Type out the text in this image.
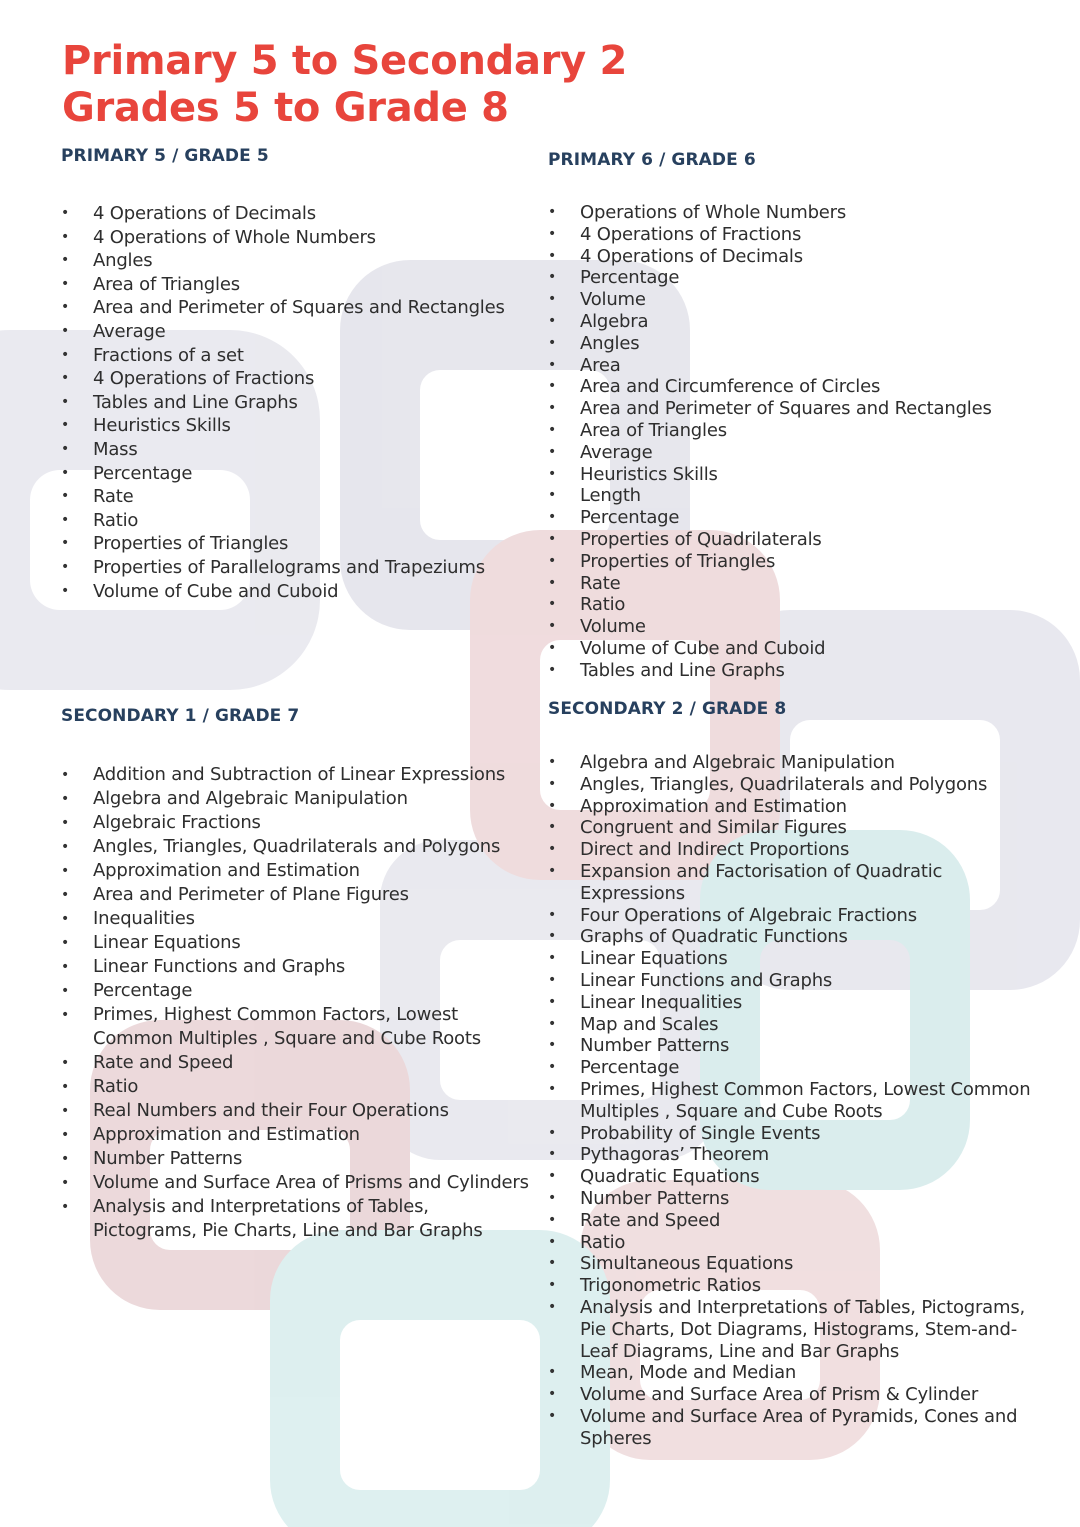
Primary 5 to Secondary 2
Grades 5 to Grade 8
PRIMARY 5 / GRADE 5
• 4 Operations of Decimals
• 4 Operations of Whole Numbers
• Angles
• Area of Triangles
• Area and Perimeter of Squares and Rectangles
• Average
• Fractions of a set
• 4 Operations of Fractions
• Tables and Line Graphs
• Heuristics Skills
• Mass
• Percentage
• Rate
• Ratio
• Properties of Triangles
• Properties of Parallelograms and Trapeziums
• Volume of Cube and Cuboid
PRIMARY 6 / GRADE 6
• Operations of Whole Numbers
• 4 Operations of Fractions
• 4 Operations of Decimals
• Percentage
• Volume
• Algebra
• Angles
• Area
• Area and Circumference of Circles
• Area and Perimeter of Squares and Rectangles
• Area of Triangles
• Average
• Heuristics Skills
• Length
• Percentage
• Properties of Quadrilaterals
• Properties of Triangles
• Rate
• Ratio
• Volume
• Volume of Cube and Cuboid
• Tables and Line Graphs
SECONDARY 1 / GRADE 7
• Addition and Subtraction of Linear Expressions
• Algebra and Algebraic Manipulation
• Algebraic Fractions
• Angles, Triangles, Quadrilaterals and Polygons
• Approximation and Estimation
• Area and Perimeter of Plane Figures
• Inequalities
• Linear Equations
• Linear Functions and Graphs
• Percentage
• Primes, Highest Common Factors, Lowest Common Multiples , Square and Cube Roots
• Rate and Speed
• Ratio
• Real Numbers and their Four Operations
• Approximation and Estimation
• Number Patterns
• Volume and Surface Area of Prisms and Cylinders
• Analysis and Interpretations of Tables, Pictograms, Pie Charts, Line and Bar Graphs
SECONDARY 2 / GRADE 8
• Algebra and Algebraic Manipulation
• Angles, Triangles, Quadrilaterals and Polygons
• Approximation and Estimation
• Congruent and Similar Figures
• Direct and Indirect Proportions
• Expansion and Factorisation of Quadratic Expressions
• Four Operations of Algebraic Fractions
• Graphs of Quadratic Functions
• Linear Equations
• Linear Functions and Graphs
• Linear Inequalities
• Map and Scales
• Number Patterns
• Percentage
• Primes, Highest Common Factors, Lowest Common Multiples , Square and Cube Roots
• Probability of Single Events
• Pythagoras’ Theorem
• Quadratic Equations
• Number Patterns
• Rate and Speed
• Ratio
• Simultaneous Equations
• Trigonometric Ratios
• Analysis and Interpretations of Tables, Pictograms, Pie Charts, Dot Diagrams, Histograms, Stem-and-Leaf Diagrams, Line and Bar Graphs
• Mean, Mode and Median
• Volume and Surface Area of Prism & Cylinder
• Volume and Surface Area of Pyramids, Cones and Spheres
